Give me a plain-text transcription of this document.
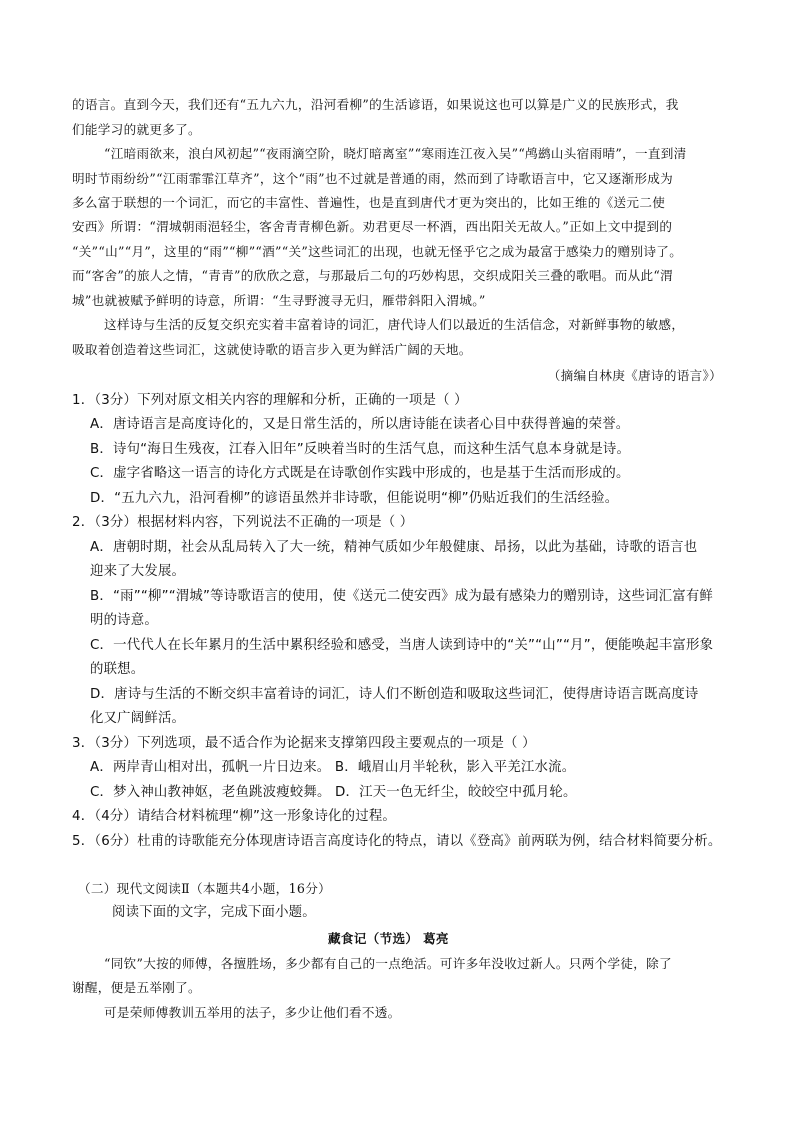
的语言。直到今天，我们还有“五九六九，沿河看柳”的生活谚语，如果说这也可以算是广义的民族形式，我
们能学习的就更多了。
“江暗雨欲来，浪白风初起”“夜雨滴空阶，晓灯暗离室”“寒雨连江夜入吴”“鸬鹚山头宿雨晴”，一直到清
明时节雨纷纷”“江雨霏霏江草齐”，这个“雨”也不过就是普通的雨，然而到了诗歌语言中，它又逐渐形成为
多么富于联想的一个词汇，而它的丰富性、普遍性，也是直到唐代才更为突出的，比如王维的《送元二使
安西》所谓：“渭城朝雨浥轻尘，客舍青青柳色新。劝君更尽一杯酒，西出阳关无故人。”正如上文中提到的
“关”“山”“月”，这里的“雨”“柳”“酒”“关”这些词汇的出现，也就无怪乎它之成为最富于感染力的赠别诗了。
而“客舍”的旅人之情，“青青”的欣欣之意，与那最后二句的巧妙构思，交织成阳关三叠的歌唱。而从此“渭
城”也就被赋予鲜明的诗意，所谓：“生寻野渡寻无归，雁带斜阳入渭城。”
这样诗与生活的反复交织充实着丰富着诗的词汇，唐代诗人们以最近的生活信念，对新鲜事物的敏感，
吸取着创造着这些词汇，这就使诗歌的语言步入更为鲜活广阔的天地。
（摘编自林庚《唐诗的语言》）
1．（3分）下列对原文相关内容的理解和分析，正确的一项是（ ）
A．唐诗语言是高度诗化的，又是日常生活的，所以唐诗能在读者心目中获得普遍的荣誉。
B．诗句“海日生残夜，江春入旧年”反映着当时的生活气息，而这种生活气息本身就是诗。
C．虚字省略这一语言的诗化方式既是在诗歌创作实践中形成的，也是基于生活而形成的。
D．“五九六九，沿河看柳”的谚语虽然并非诗歌，但能说明“柳”仍贴近我们的生活经验。
2．（3分）根据材料内容，下列说法不正确的一项是（ ）
A．唐朝时期，社会从乱局转入了大一统，精神气质如少年般健康、昂扬，以此为基础，诗歌的语言也
迎来了大发展。
B．“雨”“柳”“渭城”等诗歌语言的使用，使《送元二使安西》成为最有感染力的赠别诗，这些词汇富有鲜
明的诗意。
C．一代代人在长年累月的生活中累积经验和感受，当唐人读到诗中的“关”“山”“月”，便能唤起丰富形象
的联想。
D．唐诗与生活的不断交织丰富着诗的词汇，诗人们不断创造和吸取这些词汇，使得唐诗语言既高度诗
化又广阔鲜活。
3．（3分）下列选项，最不适合作为论据来支撑第四段主要观点的一项是（ ）
A．两岸青山相对出，孤帆一片日边来。 B．峨眉山月半轮秋，影入平羌江水流。
C．梦入神山教神妪，老鱼跳波瘦蛟舞。 D．江天一色无纤尘，皎皎空中孤月轮。
4．（4分）请结合材料梳理“柳”这一形象诗化的过程。
5．（6分）杜甫的诗歌能充分体现唐诗语言高度诗化的特点，请以《登高》前两联为例，结合材料简要分析。
（二）现代文阅读Ⅱ（本题共4小题，16分）
阅读下面的文字，完成下面小题。
藏食记（节选） 葛亮
“同钦”大按的师傅，各擅胜场，多少都有自己的一点绝活。可许多年没收过新人。只两个学徒，除了
谢醒，便是五举刚了。
可是荣师傅教训五举用的法子，多少让他们看不透。
